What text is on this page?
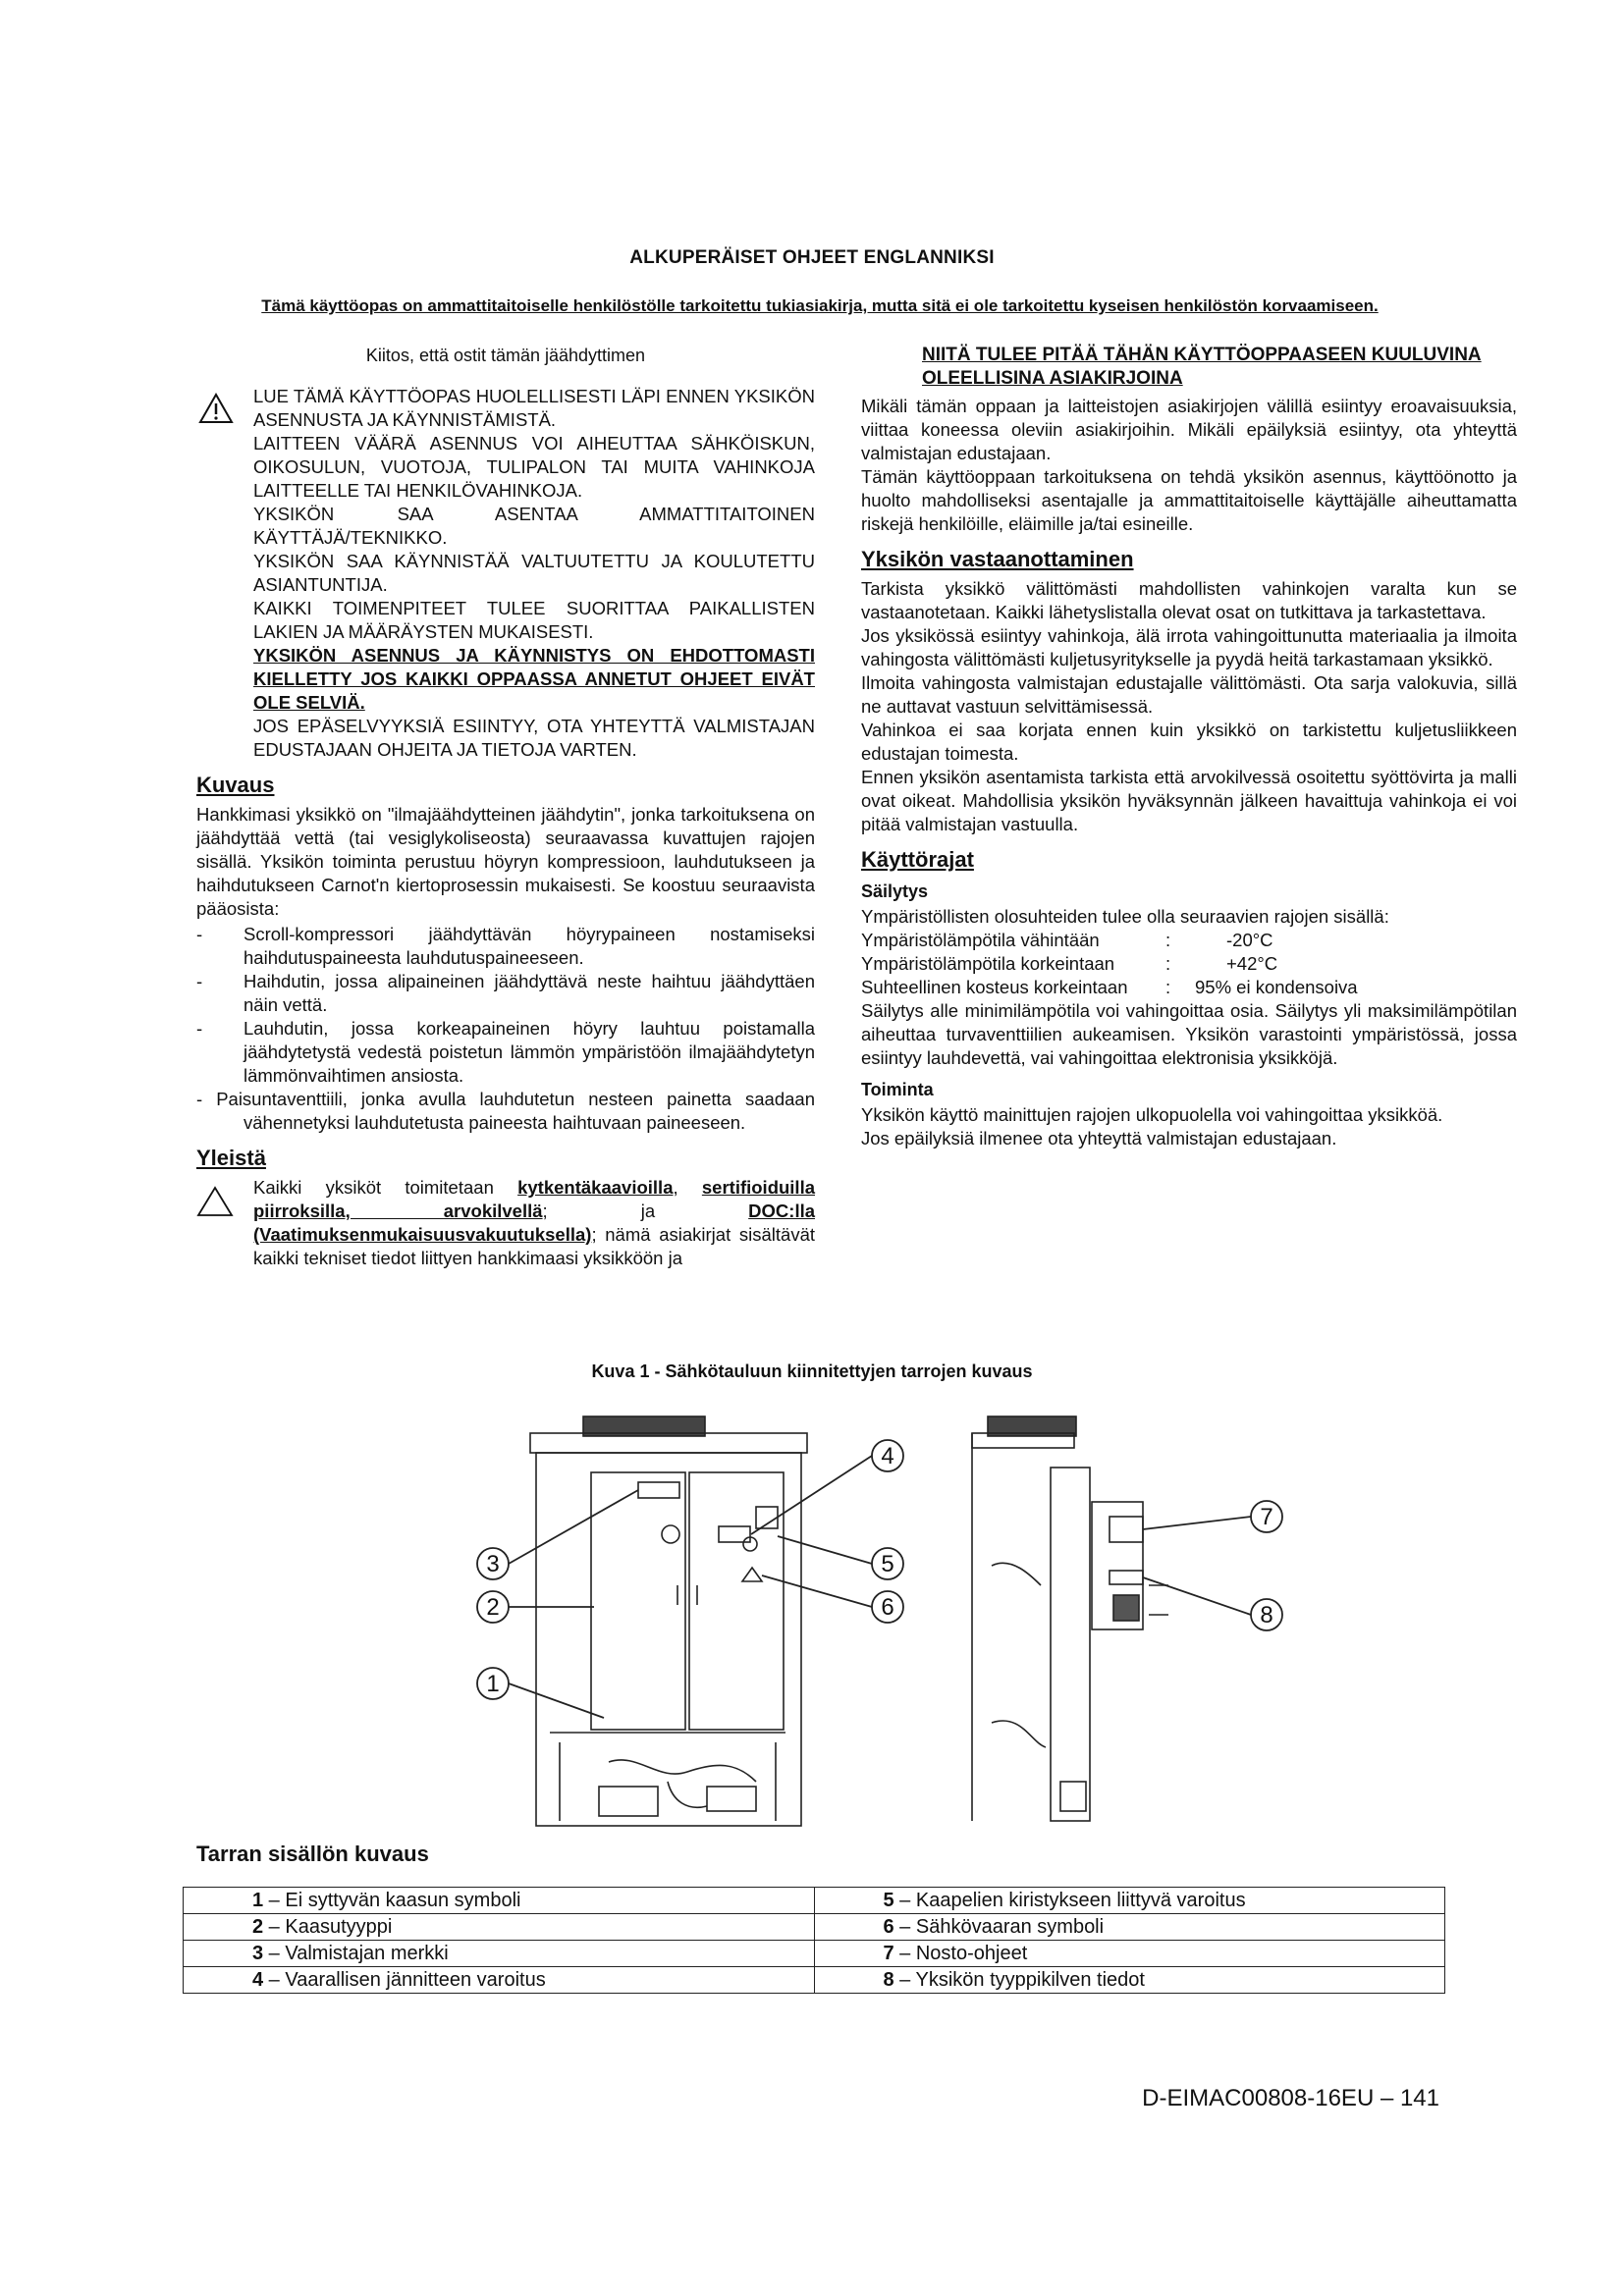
ALKUPERÄISET OHJEET ENGLANNIKSI
Tämä käyttöopas on ammattitaitoiselle henkilöstölle tarkoitettu tukiasiakirja, mutta sitä ei ole tarkoitettu kyseisen henkilöstön korvaamiseen.
Kiitos, että ostit tämän jäähdyttimen

LUE TÄMÄ KÄYTTÖOPAS HUOLELLISESTI LÄPI ENNEN YKSIKÖN ASENNUSTA JA KÄYNNISTÄMISTÄ.

LAITTEEN VÄÄRÄ ASENNUS VOI AIHEUTTAA SÄHKÖISKUN, OIKOSULUN, VUOTOJA, TULIPALON TAI MUITA VAHINKOJA LAITTEELLE TAI HENKILÖVAHINKOJA.

YKSIKÖN SAA ASENTAA AMMATTITAITOINEN KÄYTTÄJÄ/TEKNIKKO.

YKSIKÖN SAA KÄYNNISTÄÄ VALTUUTETTU JA KOULUTETTU ASIANTUNTIJA.

KAIKKI TOIMENPITEET TULEE SUORITTAA PAIKALLISTEN LAKIEN JA MÄÄRÄYSTEN MUKAISESTI.

YKSIKÖN ASENNUS JA KÄYNNISTYS ON EHDOTTOMASTI KIELLETTY JOS KAIKKI OPPAASSA ANNETUT OHJEET EIVÄT OLE SELVIÄ.

JOS EPÄSELVYYKSIÄ ESIINTYY, OTA YHTEYTTÄ VALMISTAJAN EDUSTAJAAN OHJEITA JA TIETOJA VARTEN.

Kuvaus

Hankkimasi yksikkö on "ilmajäähdytteinen jäähdytin", jonka tarkoituksena on jäähdyttää vettä (tai vesiglykoliseosta) seuraavassa kuvattujen rajojen sisällä. Yksikön toiminta perustuu höyryn kompressioon, lauhdutukseen ja haihdutukseen Carnot'n kiertoprosessin mukaisesti. Se koostuu seuraavista pääosista:

- Scroll-kompressori jäähdyttävän höyrypaineen nostamiseksi haihdutuspaineesta lauhdutuspaineeseen.
- Haihdutin, jossa alipaineinen jäähdyttävä neste haihtuu jäähdyttäen näin vettä.
- Lauhdutin, jossa korkeapaineinen höyry lauhtuu poistamalla jäähdytetystä vedestä poistetun lämmön ympäristöön ilmajäähdytetyn lämmönvaihtimen ansiosta.

- Paisuntaventtiili, jonka avulla lauhdutetun nesteen painetta saadaan vähennetyksi lauhdutetusta paineesta haihtuvaan paineeseen.

Yleistä

Kaikki yksiköt toimitetaan kytkentäkaavioilla, sertifioiduilla piirroksilla, arvokilvellä; ja DOC:lla (Vaatimuksenmukaisuusvakuutuksella); nämä asiakirjat sisältävät kaikki tekniset tiedot liittyen hankkimaasi yksikköön ja

NIITÄ TULEE PITÄÄ TÄHÄN KÄYTTÖOPPAASEEN KUULUVINA OLEELLISINA ASIAKIRJOINA

Mikäli tämän oppaan ja laitteistojen asiakirjojen välillä esiintyy eroavaisuuksia, viittaa koneessa oleviin asiakirjoihin. Mikäli epäilyksiä esiintyy, ota yhteyttä valmistajan edustajaan.

Tämän käyttöoppaan tarkoituksena on tehdä yksikön asennus, käyttöönotto ja huolto mahdolliseksi asentajalle ja ammattitaitoiselle käyttäjälle aiheuttamatta riskejä henkilöille, eläimille ja/tai esineille.

Yksikön vastaanottaminen

Tarkista yksikkö välittömästi mahdollisten vahinkojen varalta kun se vastaanotetaan. Kaikki lähetyslistalla olevat osat on tutkittava ja tarkastettava.

Jos yksikössä esiintyy vahinkoja, älä irrota vahingoittunutta materiaalia ja ilmoita vahingosta välittömästi kuljetusyritykselle ja pyydä heitä tarkastamaan yksikkö.

Ilmoita vahingosta valmistajan edustajalle välittömästi. Ota sarja valokuvia, sillä ne auttavat vastuun selvittämisessä.

Vahinkoa ei saa korjata ennen kuin yksikkö on tarkistettu kuljetusliikkeen edustajan toimesta.

Ennen yksikön asentamista tarkista että arvokilvessä osoitettu syöttövirta ja malli ovat oikeat. Mahdollisia yksikön hyväksynnän jälkeen havaittuja vahinkoja ei voi pitää valmistajan vastuulla.

Käyttörajat
Säilytys

Ympäristöllisten olosuhteiden tulee olla seuraavien rajojen sisällä:

Ympäristölämpötila vähintään	:	-20°C
Ympäristölämpötila korkeintaan	:	+42°C
Suhteellinen kosteus korkeintaan	:	95% ei kondensoiva

Säilytys alle minimilämpötila voi vahingoittaa osia. Säilytys yli maksimilämpötilan aiheuttaa turvaventtiilien aukeamisen. Yksikön varastointi ympäristössä, jossa esiintyy lauhdevettä, vai vahingoittaa elektronisia yksikköjä.

Toiminta

Yksikön käyttö mainittujen rajojen ulkopuolella voi vahingoittaa yksikköä.

Jos epäilyksiä ilmenee ota yhteyttä valmistajan edustajaan.

Kuva 1 - Sähkötauluun kiinnitettyjen tarrojen kuvaus
1
2
3
4
5
6
7
8
Tarran sisällön kuvaus
1 – Ei syttyvän kaasun symboli	5 – Kaapelien kiristykseen liittyvä varoitus
2 – Kaasutyyppi	6 – Sähkövaaran symboli
3 – Valmistajan merkki	7 – Nosto-ohjeet
4 – Vaarallisen jännitteen varoitus	8 – Yksikön tyyppikilven tiedot
D-EIMAC00808-16EU – 141
